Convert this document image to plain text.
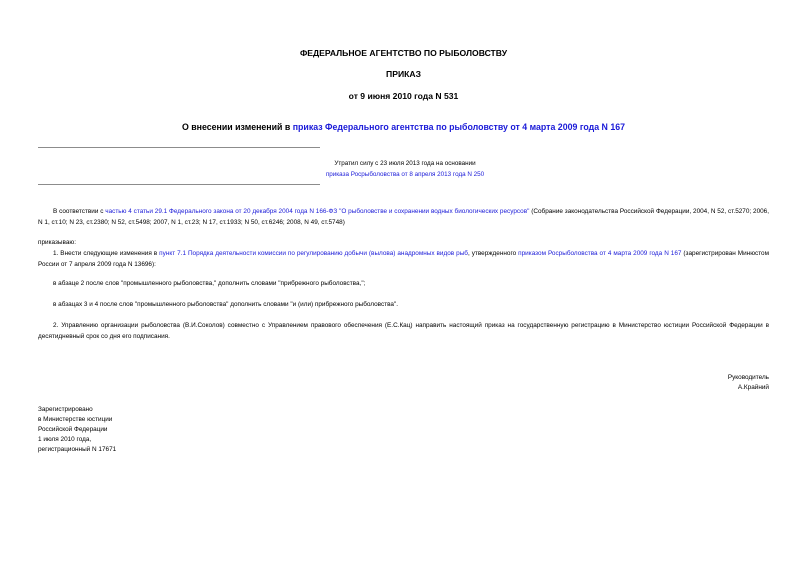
ФЕДЕРАЛЬНОЕ АГЕНТСТВО ПО РЫБОЛОВСТВУ
ПРИКАЗ
от 9 июня 2010 года N 531
О внесении изменений в приказ Федерального агентства по рыболовству от 4 марта 2009 года N 167
Утратил силу с 23 июля 2013 года на основании
приказа Росрыболовства от 8 апреля 2013 года N 250
В соответствии с частью 4 статьи 29.1 Федерального закона от 20 декабря 2004 года N 166-ФЗ "О рыболовстве и сохранении водных биологических ресурсов" (Собрание законодательства Российской Федерации, 2004, N 52, ст.5270; 2006, N 1, ст.10; N 23, ст.2380; N 52, ст.5498; 2007, N 1, ст.23; N 17, ст.1933; N 50, ст.6246; 2008, N 49, ст.5748)
приказываю:
1. Внести следующие изменения в пункт 7.1 Порядка деятельности комиссии по регулированию добычи (вылова) анадромных видов рыб, утвержденного приказом Росрыболовства от 4 марта 2009 года N 167 (зарегистрирован Минюстом России от 7 апреля 2009 года N 13696):
в абзаце 2 после слов "промышленного рыболовства," дополнить словами "прибрежного рыболовства,";
в абзацах 3 и 4 после слов "промышленного рыболовства" дополнить словами "и (или) прибрежного рыболовства".
2. Управлению организации рыболовства (В.И.Соколов) совместно с Управлением правового обеспечения (Е.С.Кац) направить настоящий приказ на государственную регистрацию в Министерство юстиции Российской Федерации в десятидневный срок со дня его подписания.
Руководитель
А.Крайний
Зарегистрировано
в Министерстве юстиции
Российской Федерации
1 июля 2010 года,
регистрационный N 17671
